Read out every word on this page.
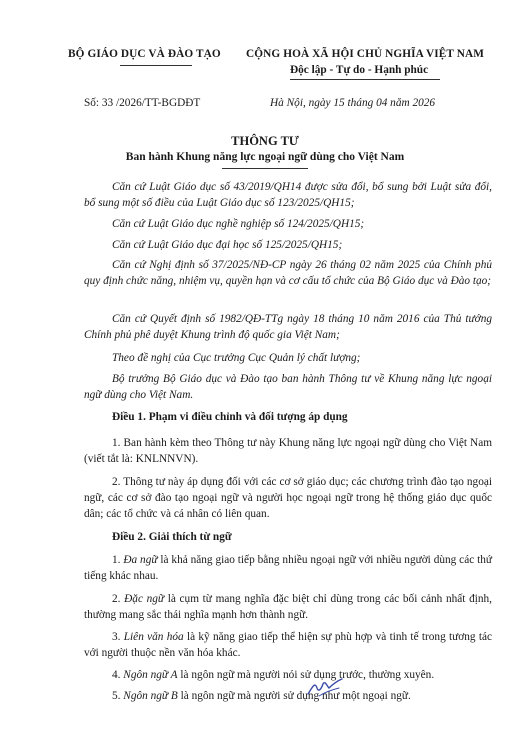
BỘ GIÁO DỤC VÀ ĐÀO TẠO CỘNG HOÀ XÃ HỘI CHỦ NGHĨA VIỆT NAM
Độc lập - Tự do - Hạnh phúc
Số: 33 /2026/TT-BGDĐT	Hà Nội, ngày 15 tháng 04 năm 2026
THÔNG TƯ
Ban hành Khung năng lực ngoại ngữ dùng cho Việt Nam
Căn cứ Luật Giáo dục số 43/2019/QH14 được sửa đổi, bổ sung bởi Luật sửa đổi, bổ sung một số điều của Luật Giáo dục số 123/2025/QH15;
Căn cứ Luật Giáo dục nghề nghiệp số 124/2025/QH15;
Căn cứ Luật Giáo dục đại học số 125/2025/QH15;
Căn cứ Nghị định số 37/2025/NĐ-CP ngày 26 tháng 02 năm 2025 của Chính phủ quy định chức năng, nhiệm vụ, quyền hạn và cơ cấu tổ chức của Bộ Giáo dục và Đào tạo;
Căn cứ Quyết định số 1982/QĐ-TTg ngày 18 tháng 10 năm 2016 của Thủ tướng Chính phủ phê duyệt Khung trình độ quốc gia Việt Nam;
Theo đề nghị của Cục trưởng Cục Quản lý chất lượng;
Bộ trưởng Bộ Giáo dục và Đào tạo ban hành Thông tư về Khung năng lực ngoại ngữ dùng cho Việt Nam.
Điều 1. Phạm vi điều chỉnh và đối tượng áp dụng
1. Ban hành kèm theo Thông tư này Khung năng lực ngoại ngữ dùng cho Việt Nam (viết tắt là: KNLNNVN).
2. Thông tư này áp dụng đối với các cơ sở giáo dục; các chương trình đào tạo ngoại ngữ, các cơ sở đào tạo ngoại ngữ và người học ngoại ngữ trong hệ thống giáo dục quốc dân; các tổ chức và cá nhân có liên quan.
Điều 2. Giải thích từ ngữ
1. Đa ngữ là khả năng giao tiếp bằng nhiều ngoại ngữ với nhiều người dùng các thứ tiếng khác nhau.
2. Đặc ngữ là cụm từ mang nghĩa đặc biệt chỉ dùng trong các bối cảnh nhất định, thường mang sắc thái nghĩa mạnh hơn thành ngữ.
3. Liên văn hóa là kỹ năng giao tiếp thể hiện sự phù hợp và tinh tế trong tương tác với người thuộc nền văn hóa khác.
4. Ngôn ngữ A là ngôn ngữ mà người nói sử dụng trước, thường xuyên.
5. Ngôn ngữ B là ngôn ngữ mà người sử dụng như một ngoại ngữ.
